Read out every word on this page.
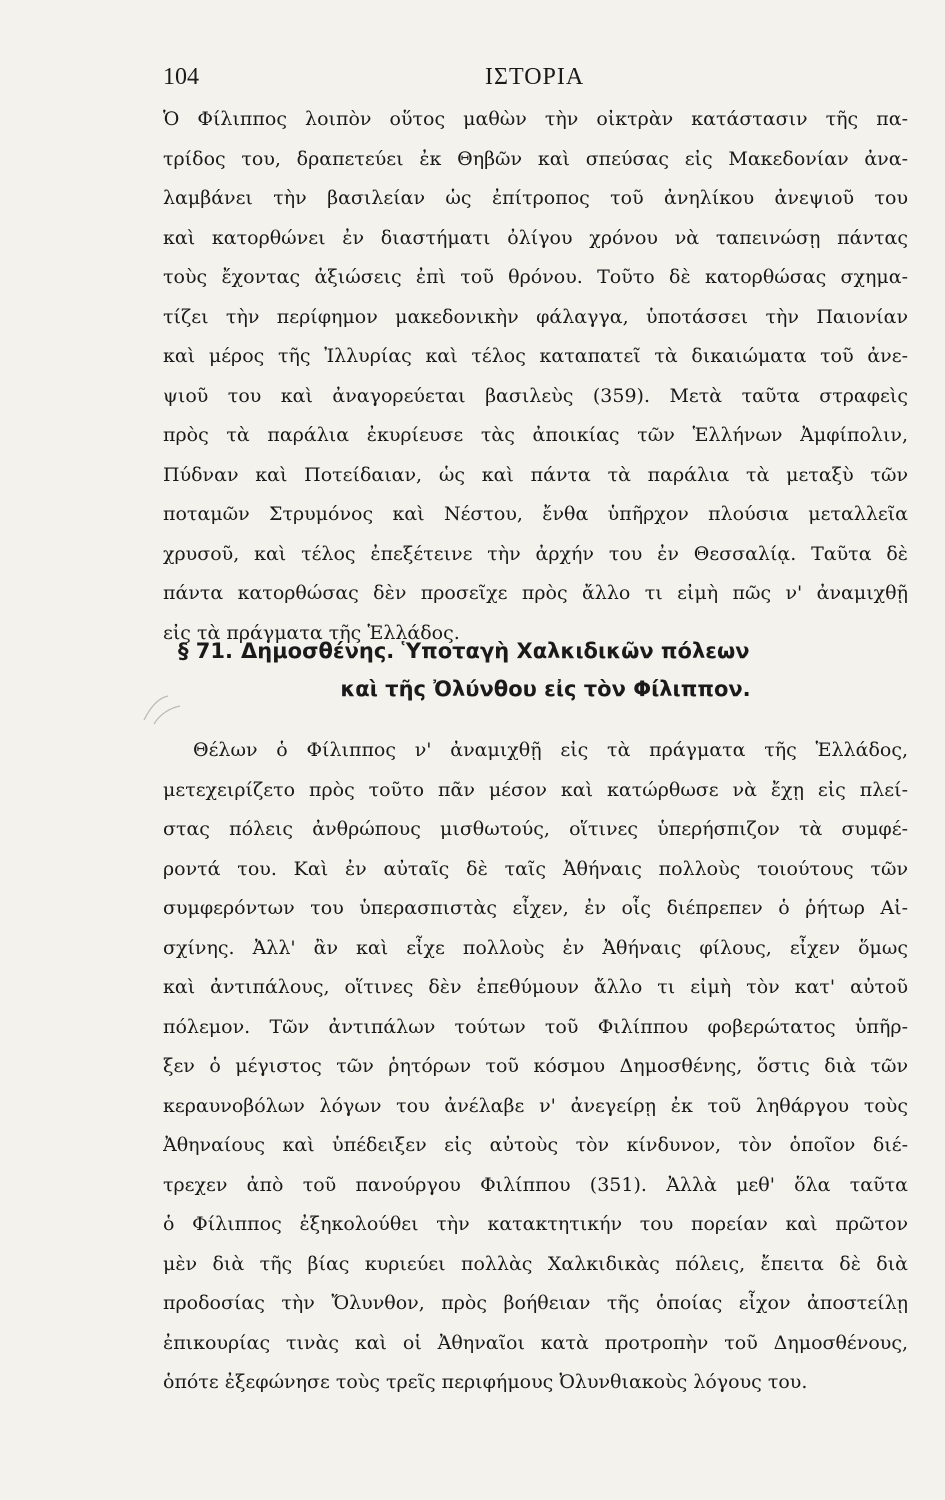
104	ΙΣΤΟΡΙΑ
Ὁ Φίλιππος λοιπὸν οὕτος μαθὼν τὴν οἰκτρὰν κατάστασιν τῆς πα-
τρίδος του, δραπετεύει ἐκ Θηβῶν καὶ σπεύσας εἰς Μακεδονίαν ἀνα-
λαμβάνει τὴν βασιλείαν ὡς ἐπίτροπος τοῦ ἀνηλίκου ἀνεψιοῦ του
καὶ κατορθώνει ἐν διαστήματι ὀλίγου χρόνου νὰ ταπεινώσῃ πάντας
τοὺς ἔχοντας ἀξιώσεις ἐπὶ τοῦ θρόνου. Τοῦτο δὲ κατορθώσας σχημα-
τίζει τὴν περίφημον μακεδονικὴν φάλαγγα, ὑποτάσσει τὴν Παιονίαν
καὶ μέρος τῆς Ἰλλυρίας καὶ τέλος καταπατεῖ τὰ δικαιώματα τοῦ ἀνε-
ψιοῦ του καὶ ἀναγορεύεται βασιλεὺς (359). Μετὰ ταῦτα στραφεὶς
πρὸς τὰ παράλια ἐκυρίευσε τὰς ἀποικίας τῶν Ἑλλήνων Ἀμφίπολιν,
Πύδναν καὶ Ποτείδαιαν, ὡς καὶ πάντα τὰ παράλια τὰ μεταξὺ τῶν
ποταμῶν Στρυμόνος καὶ Νέστου, ἔνθα ὑπῆρχον πλούσια μεταλλεῖα
χρυσοῦ, καὶ τέλος ἐπεξέτεινε τὴν ἀρχήν του ἐν Θεσσαλίᾳ. Ταῦτα δὲ
πάντα κατορθώσας δὲν προσεῖχε πρὸς ἄλλο τι εἰμὴ πῶς ν' ἀναμιχθῇ
εἰς τὰ πράγματα τῆς Ἑλλάδος.
§ 71. Δημοσθένης. Ὑποταγὴ Χαλκιδικῶν πόλεων
καὶ τῆς Ὀλύνθου εἰς τὸν Φίλιππον.
Θέλων ὁ Φίλιππος ν' ἀναμιχθῇ εἰς τὰ πράγματα τῆς Ἑλλάδος,
μετεχειρίζετο πρὸς τοῦτο πᾶν μέσον καὶ κατώρθωσε νὰ ἔχῃ εἰς πλεί-
στας πόλεις ἀνθρώπους μισθωτούς, οἵτινες ὑπερήσπιζον τὰ συμφέ-
ροντά του. Καὶ ἐν αὐταῖς δὲ ταῖς Ἀθήναις πολλοὺς τοιούτους τῶν
συμφερόντων του ὑπερασπιστὰς εἶχεν, ἐν οἷς διέπρεπεν ὁ ῥήτωρ Αἰ-
σχίνης. Ἀλλ' ἂν καὶ εἶχε πολλοὺς ἐν Ἀθήναις φίλους, εἶχεν ὅμως
καὶ ἀντιπάλους, οἵτινες δὲν ἐπεθύμουν ἄλλο τι εἰμὴ τὸν κατ' αὐτοῦ
πόλεμον. Τῶν ἀντιπάλων τούτων τοῦ Φιλίππου φοβερώτατος ὑπῆρ-
ξεν ὁ μέγιστος τῶν ῥητόρων τοῦ κόσμου Δημοσθένης, ὅστις διὰ τῶν
κεραυνοβόλων λόγων του ἀνέλαβε ν' ἀνεγείρῃ ἐκ τοῦ ληθάργου τοὺς
Ἀθηναίους καὶ ὑπέδειξεν εἰς αὐτοὺς τὸν κίνδυνον, τὸν ὁποῖον διέ-
τρεχεν ἀπὸ τοῦ πανούργου Φιλίππου (351). Ἀλλὰ μεθ' ὅλα ταῦτα
ὁ Φίλιππος ἐξηκολούθει τὴν κατακτητικήν του πορείαν καὶ πρῶτον
μὲν διὰ τῆς βίας κυριεύει πολλὰς Χαλκιδικὰς πόλεις, ἔπειτα δὲ διὰ
προδοσίας τὴν Ὄλυνθον, πρὸς βοήθειαν τῆς ὁποίας εἶχον ἀποστείλῃ
ἐπικουρίας τινὰς καὶ οἱ Ἀθηναῖοι κατὰ προτροπὴν τοῦ Δημοσθένους,
ὁπότε ἐξεφώνησε τοὺς τρεῖς περιφήμους Ὀλυνθιακοὺς λόγους του.
